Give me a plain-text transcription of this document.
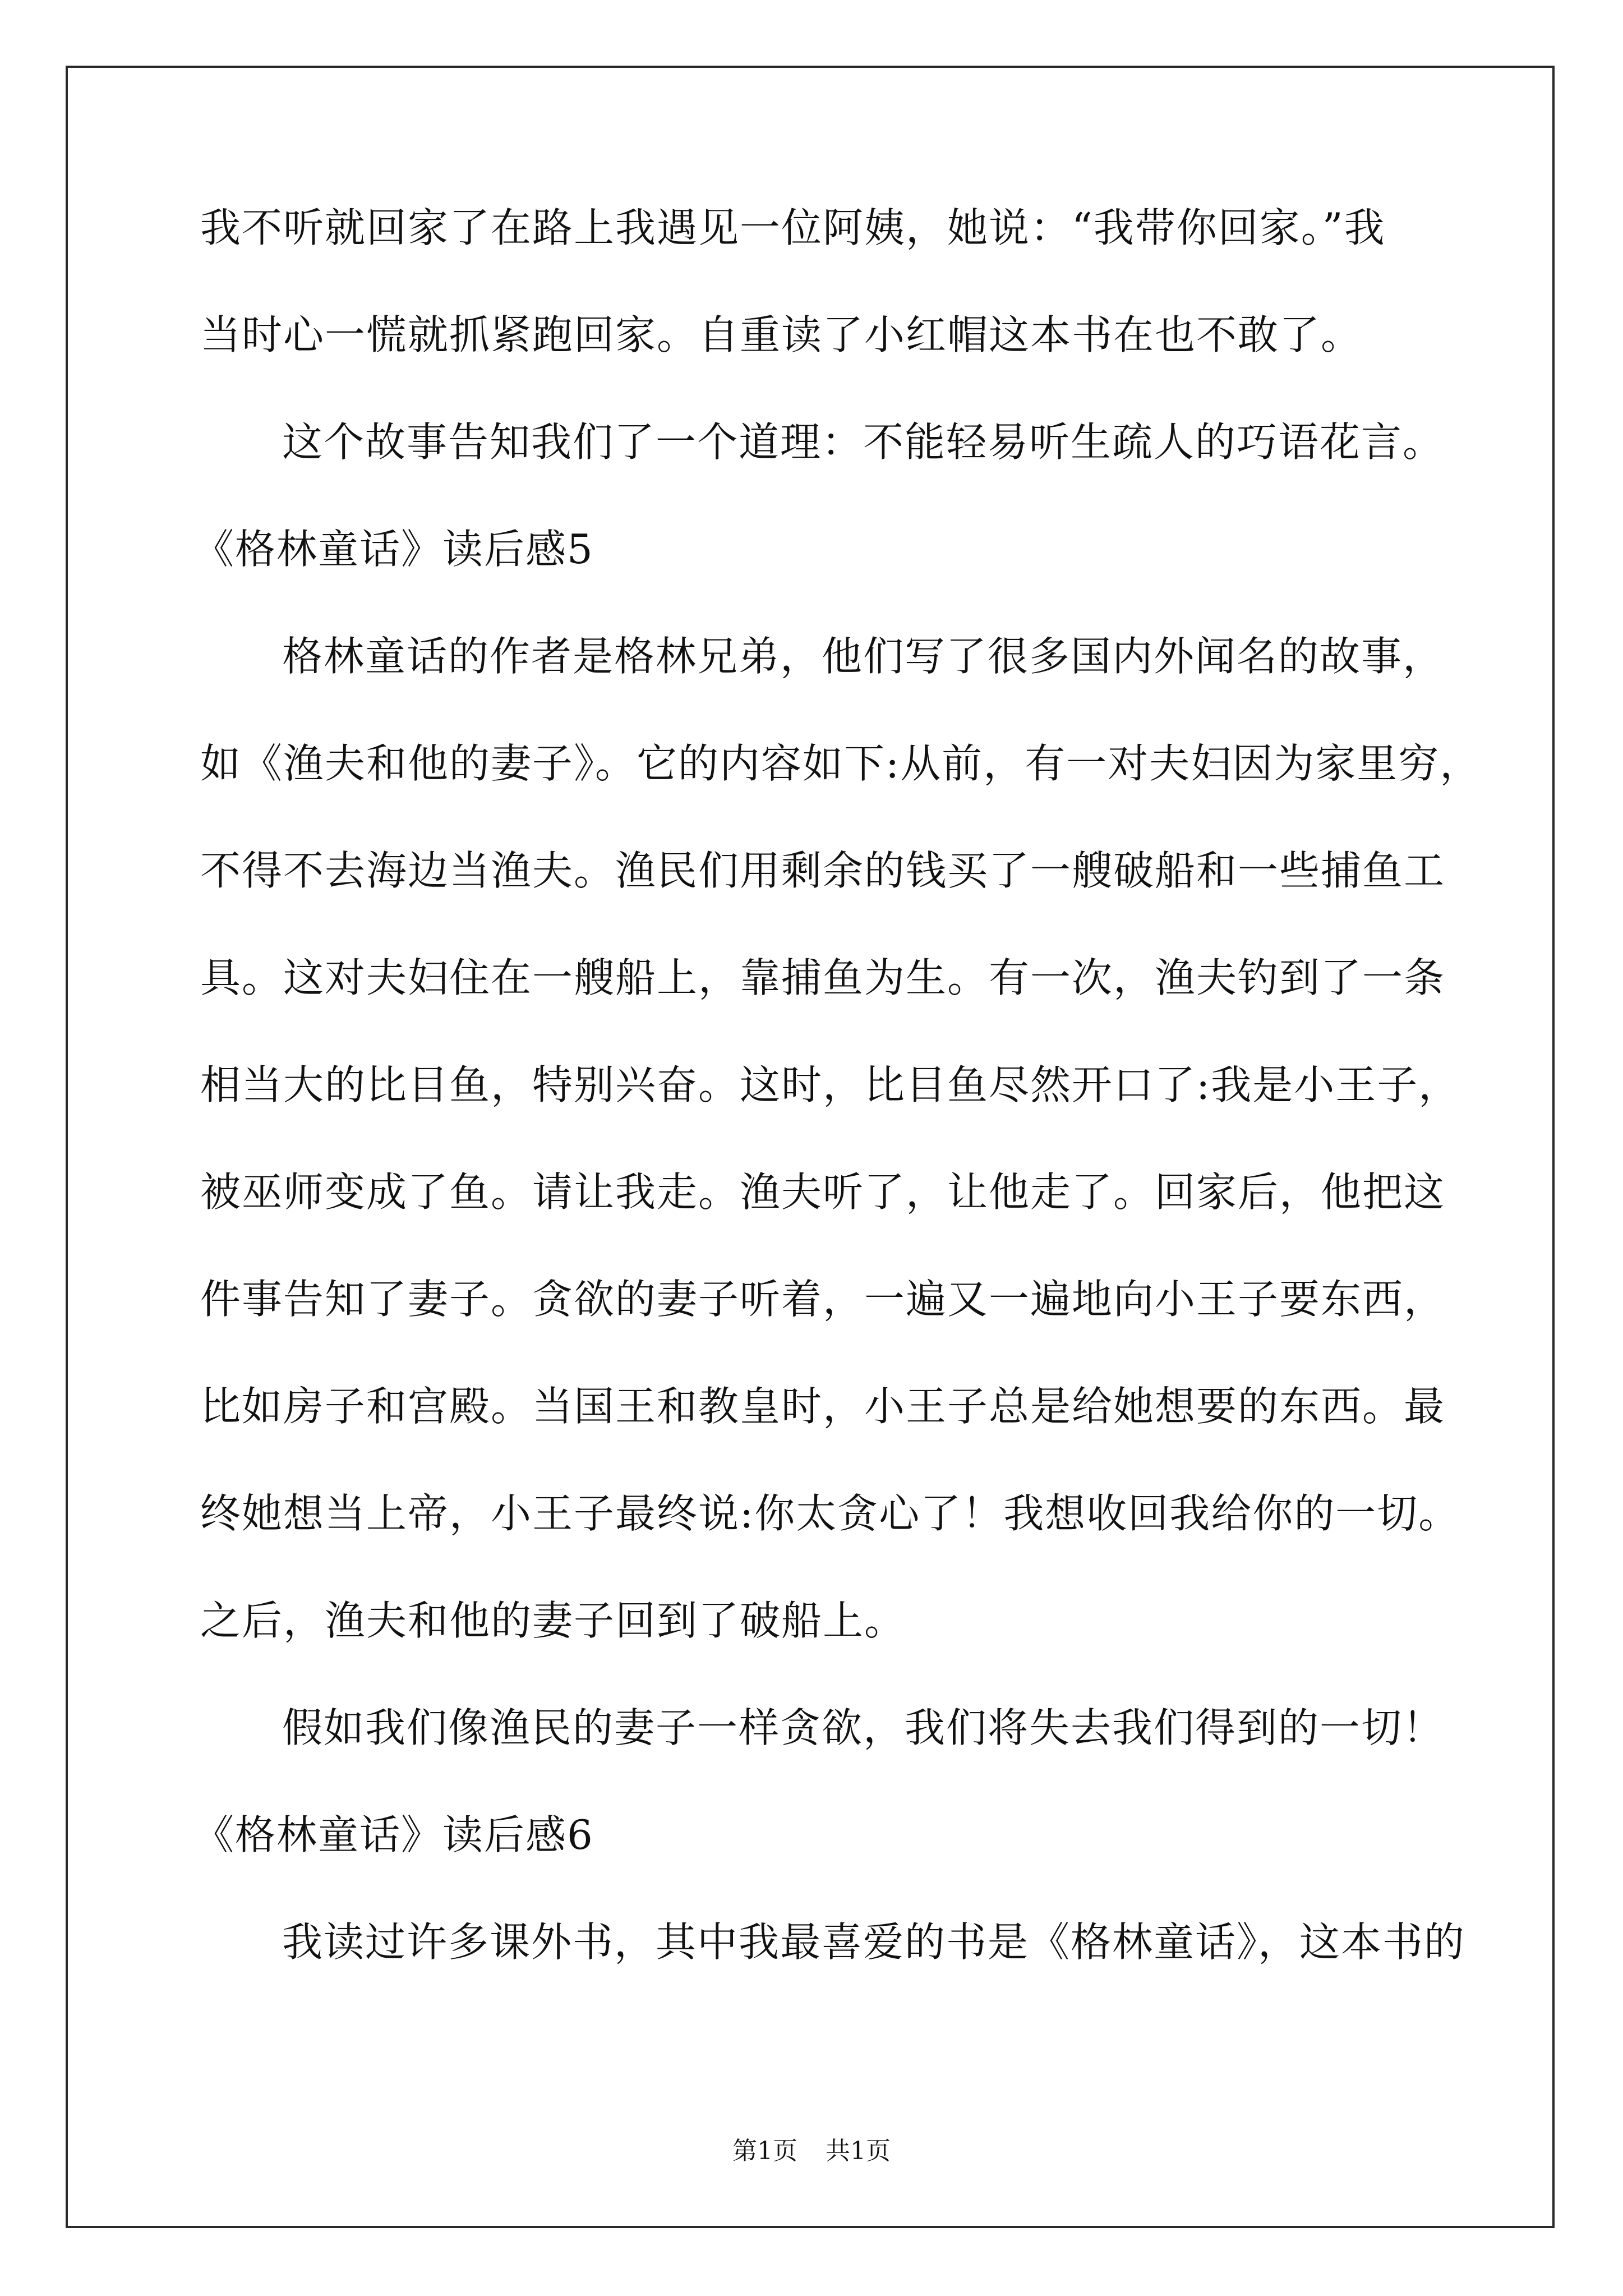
我不听就回家了在路上我遇见一位阿姨，她说：“我带你回家。”我
当时心一慌就抓紧跑回家。自重读了小红帽这本书在也不敢了。
这个故事告知我们了一个道理：不能轻易听生疏人的巧语花言。
《格林童话》读后感5
格林童话的作者是格林兄弟，他们写了很多国内外闻名的故事，
如《渔夫和他的妻子》。它的内容如下:从前，有一对夫妇因为家里穷，
不得不去海边当渔夫。渔民们用剩余的钱买了一艘破船和一些捕鱼工
具。这对夫妇住在一艘船上，靠捕鱼为生。有一次，渔夫钓到了一条
相当大的比目鱼，特别兴奋。这时，比目鱼尽然开口了:我是小王子，
被巫师变成了鱼。请让我走。渔夫听了，让他走了。回家后，他把这
件事告知了妻子。贪欲的妻子听着，一遍又一遍地向小王子要东西，
比如房子和宫殿。当国王和教皇时，小王子总是给她想要的东西。最
终她想当上帝，小王子最终说:你太贪心了！我想收回我给你的一切。
之后，渔夫和他的妻子回到了破船上。
假如我们像渔民的妻子一样贪欲，我们将失去我们得到的一切！
《格林童话》读后感6
我读过许多课外书，其中我最喜爱的书是《格林童话》，这本书的
第1页 共1页
